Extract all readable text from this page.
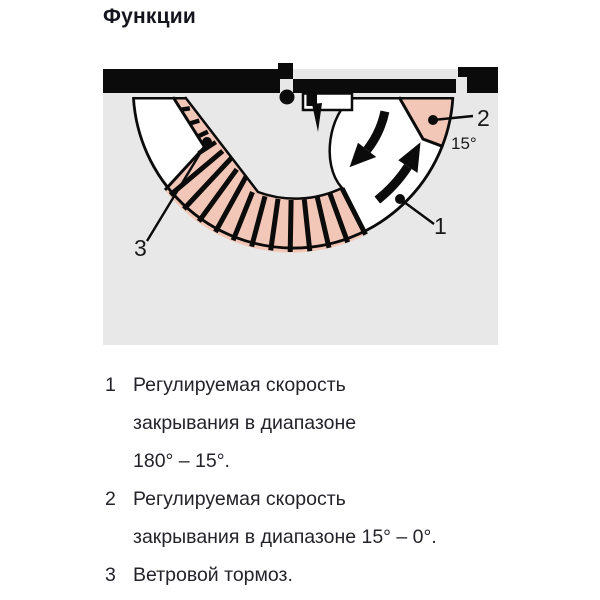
Функции
2
15°
1
3
1 Регулируемая скорость
закрывания в диапазоне
180° – 15°.
2 Регулируемая скорость
закрывания в диапазоне 15° – 0°.
3 Ветровой тормоз.
